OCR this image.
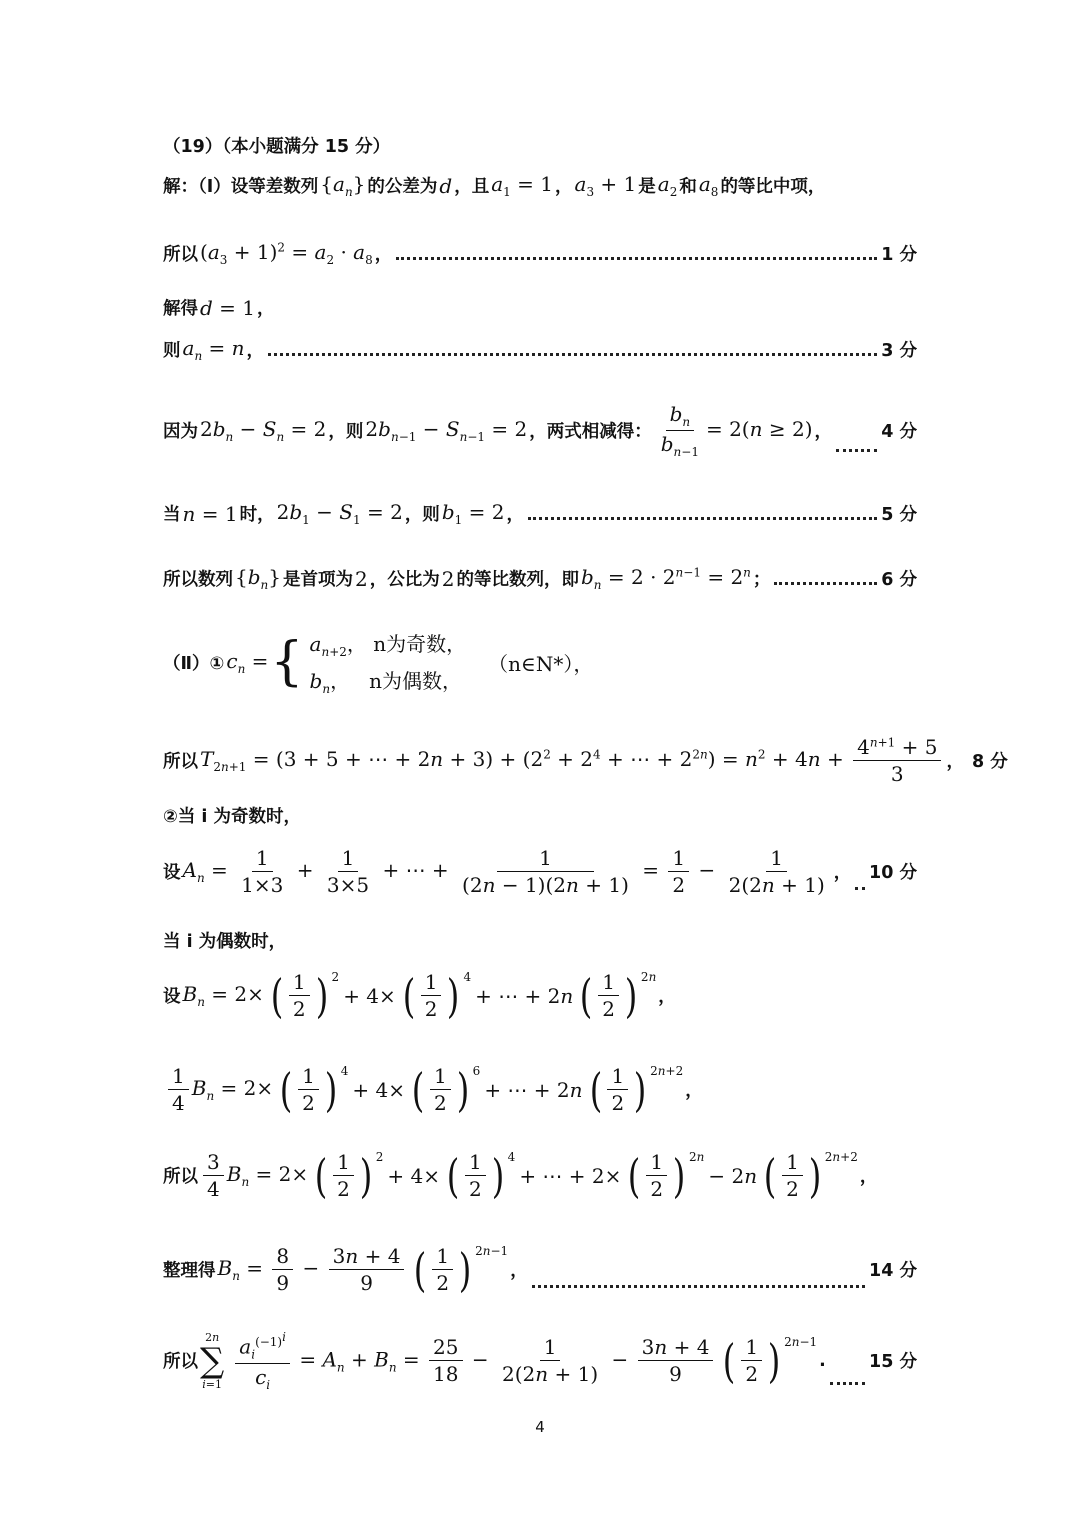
（19）（本小题满分 15 分）
解：（Ⅰ）设等差数列 $\{a_n\}$ 的公差为 d ，且 $a_1 = 1$ ， $a_3 + 1$ 是 $a_2$ 和 $a_8$ 的等比中项，
所以 $(a_3 + 1)^2 = a_2 \cdot a_8$ ，	1 分
解得 d = 1 ，
则 $a_n = n$ ，	3 分
因为 $2b_n - S_n = 2$ ，则 $2b_{n-1} - S_{n-1} = 2$ ，两式相减得： $\frac{b_n}{b_{n-1}} = 2(n \ge 2)$ ，	4 分
当 n = 1 时， $2b_1 - S_1 = 2$ ，则 $b_1 = 2$ ，	5 分
所以数列 $\{b_n\}$ 是首项为 2 ，公比为 2 的等比数列，即 $b_n = 2 \cdot 2^{n-1} = 2^n$ ；	6 分
（Ⅱ）① $c_n$ = { $a_{n+2}$， n为奇数，
$b_n$，   n为偶数，
（n∈N*），
所以 $T_{2n+1} = (3 + 5$ + ⋯ + $2n + 3) + (2^2 + 2^4$ + ⋯ + $2^{2n}) = n^2 + 4n + \frac{4^{n+1} + 5}{3}$ ， 8 分
②当 i 为奇数时，
设 $A_n = \frac{1}{1\times 3} + \frac{1}{3\times 5}$ + ⋯ + $\frac{1}{(2n - 1)(2n + 1)} = \frac{1}{2} - \frac{1}{2(2n + 1)}$ ， 10 分
当 i 为偶数时，
设 $B_n = 2\times$ ( $\frac{1}{2}$ ) $^2$
+ 4× ( $\frac{1}{2}$ ) $^4$
+ ⋯ + 2n ( $\frac{1}{2}$ ) $^{2n}$
，
$\frac{1}{4} B_n = 2\times$ ( $\frac{1}{2}$ ) $^4$
+ 4× ( $\frac{1}{2}$ ) $^6$
+ ⋯ + 2n ( $\frac{1}{2}$ ) $^{2n+2}$
，
所以 $\frac{3}{4} B_n = 2\times$ ( $\frac{1}{2}$ ) $^2$
+ 4× ( $\frac{1}{2}$ ) $^4$
+ ⋯ + 2× ( $\frac{1}{2}$ ) $^{2n}$
− 2n ( $\frac{1}{2}$ ) $^{2n+2}$
，
整理得 $B_n = \frac{8}{9} - \frac{3n + 4}{9}$ ( $\frac{1}{2}$ ) $^{2n-1}$
，	14 分
所以
2n
∑
$i=1 \frac{a_i^{(-1)^i}}{c_i} = A_n + B_n = \frac{25}{18} - \frac{1}{2(2n + 1)} - \frac{3n + 4}{9}$ ( $\frac{1}{2}$ ) $^{2n-1}$
. 15 分
4
